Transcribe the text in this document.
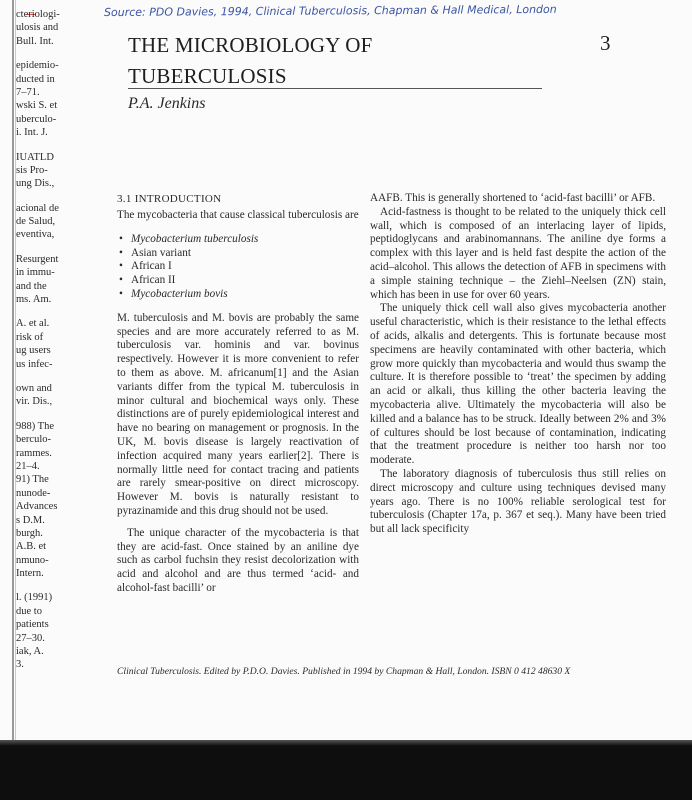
cteriologi-
ulosis and
Bull. Int.
epidemio-
ducted in
7–71.
wski S. et
uberculo-
i. Int. J.
IUATLD
sis Pro-
ung Dis.,
acional de
de Salud,
eventiva,
Resurgent
in immu-
and the
ms. Am.
A. et al.
risk of
ug users
us infec-
own and
vir. Dis.,
988) The
berculo-
rammes.
21–4.
91) The
nunode-
Advances
s D.M.
burgh.
A.B. et
nmuno-
Intern.
l. (1991)
due to
patients
27–30.
iak, A.
3.
Source: PDO Davies, 1994, Clinical Tuberculosis, Chapman & Hall Medical, London
THE MICROBIOLOGY OF
TUBERCULOSIS
3
P.A. Jenkins
3.1 INTRODUCTION

The mycobacteria that cause classical tuberculosis are

• Mycobacterium tuberculosis
• Asian variant
• African I
• African II
• Mycobacterium bovis

M. tuberculosis and M. bovis are probably the same species and are more accurately referred to as M. tuberculosis var. hominis and var. bovinus respectively. However it is more convenient to refer to them as above. M. africanum[1] and the Asian variants differ from the typical M. tuberculosis in minor cultural and biochemical ways only. These distinctions are of purely epidemiological interest and have no bearing on management or prognosis. In the UK, M. bovis disease is largely reactivation of infection acquired many years earlier[2]. There is normally little need for contact tracing and patients are rarely smear-positive on direct microscopy. However M. bovis is naturally resistant to pyrazinamide and this drug should not be used.

The unique character of the mycobacteria is that they are acid-fast. Once stained by an aniline dye such as carbol fuchsin they resist decolorization with acid and alcohol and are thus termed ‘acid- and alcohol-fast bacilli’ or

AAFB. This is generally shortened to ‘acid-fast bacilli’ or AFB.

Acid-fastness is thought to be related to the uniquely thick cell wall, which is composed of an interlacing layer of lipids, peptidoglycans and arabinomannans. The aniline dye forms a complex with this layer and is held fast despite the action of the acid–alcohol. This allows the detection of AFB in specimens with a simple staining technique – the Ziehl–Neelsen (ZN) stain, which has been in use for over 60 years.

The uniquely thick cell wall also gives mycobacteria another useful characteristic, which is their resistance to the lethal effects of acids, alkalis and detergents. This is fortunate because most specimens are heavily contaminated with other bacteria, which grow more quickly than mycobacteria and would thus swamp the culture. It is therefore possible to ‘treat’ the specimen by adding an acid or alkali, thus killing the other bacteria leaving the mycobacteria alive. Ultimately the mycobacteria will also be killed and a balance has to be struck. Ideally between 2% and 3% of cultures should be lost because of contamination, indicating that the treatment procedure is neither too harsh nor too moderate.

The laboratory diagnosis of tuberculosis thus still relies on direct microscopy and culture using techniques devised many years ago. There is no 100% reliable serological test for tuberculosis (Chapter 17a, p. 367 et seq.). Many have been tried but all lack specificity

Clinical Tuberculosis. Edited by P.D.O. Davies. Published in 1994 by Chapman & Hall, London. ISBN 0 412 48630 X
